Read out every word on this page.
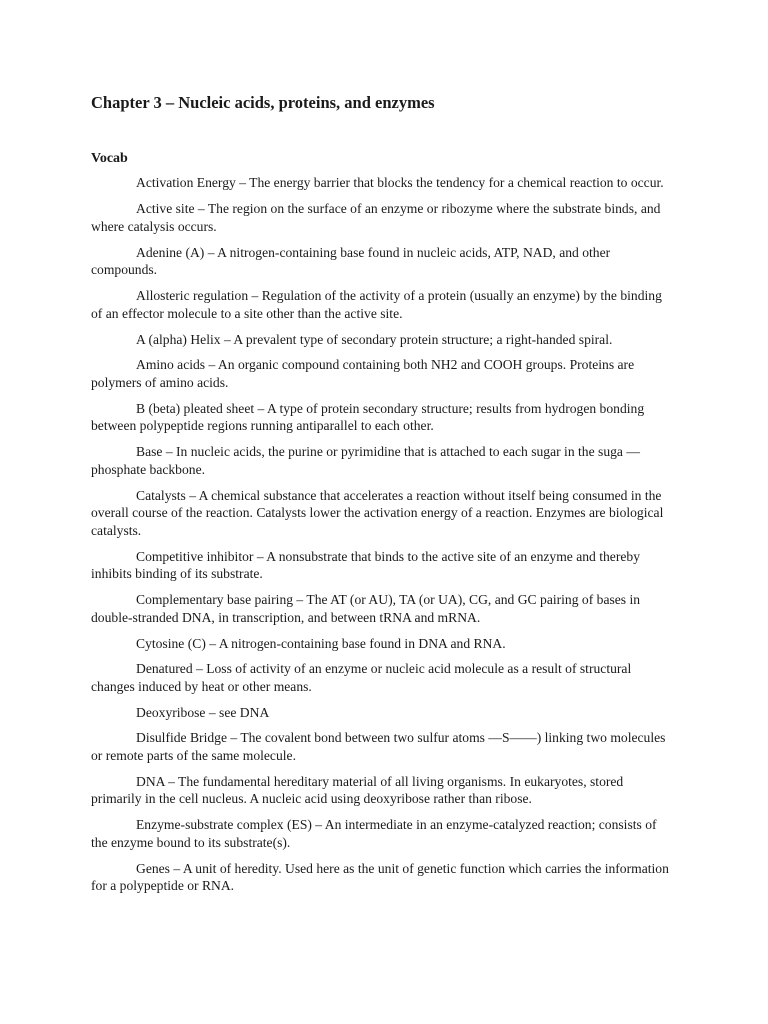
Chapter 3 – Nucleic acids, proteins, and enzymes
Vocab

Activation Energy – The energy barrier that blocks the tendency for a chemical reaction to occur.

Active site – The region on the surface of an enzyme or ribozyme where the substrate binds, and where catalysis occurs.

Adenine (A) – A nitrogen-containing base found in nucleic acids, ATP, NAD, and other compounds.

Allosteric regulation – Regulation of the activity of a protein (usually an enzyme) by the binding of an effector molecule to a site other than the active site.

A (alpha) Helix – A prevalent type of secondary protein structure; a right-handed spiral.

Amino acids – An organic compound containing both NH2 and COOH groups. Proteins are polymers of amino acids.

B (beta) pleated sheet – A type of protein secondary structure; results from hydrogen bonding between polypeptide regions running antiparallel to each other.

Base – In nucleic acids, the purine or pyrimidine that is attached to each sugar in the suga —phosphate backbone.

Catalysts – A chemical substance that accelerates a reaction without itself being consumed in the overall course of the reaction. Catalysts lower the activation energy of a reaction. Enzymes are biological catalysts.

Competitive inhibitor – A nonsubstrate that binds to the active site of an enzyme and thereby inhibits binding of its substrate.

Complementary base pairing – The AT (or AU), TA (or UA), CG, and GC pairing of bases in double-stranded DNA, in transcription, and between tRNA and mRNA.

Cytosine (C) – A nitrogen-containing base found in DNA and RNA.

Denatured – Loss of activity of an enzyme or nucleic acid molecule as a result of structural changes induced by heat or other means.

Deoxyribose – see DNA

Disulfide Bridge – The covalent bond between two sulfur atoms —S——) linking two molecules or remote parts of the same molecule.

DNA – The fundamental hereditary material of all living organisms. In eukaryotes, stored primarily in the cell nucleus. A nucleic acid using deoxyribose rather than ribose.

Enzyme-substrate complex (ES) – An intermediate in an enzyme-catalyzed reaction; consists of the enzyme bound to its substrate(s).

Genes – A unit of heredity. Used here as the unit of genetic function which carries the information for a polypeptide or RNA.
